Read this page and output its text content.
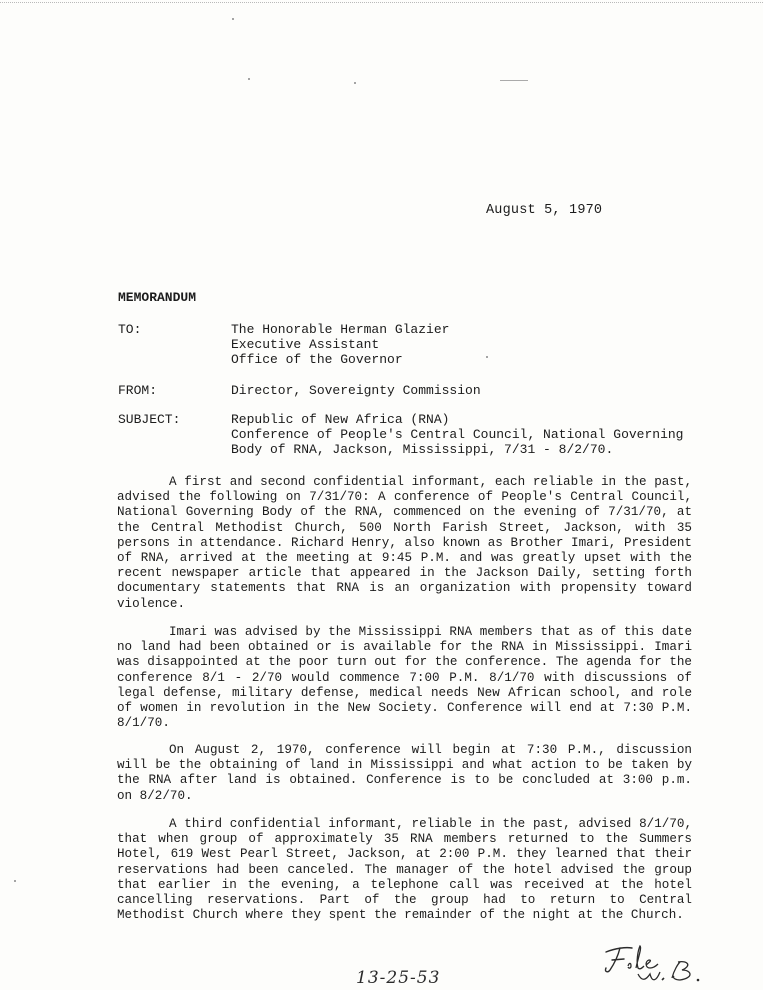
August 5, 1970
MEMORANDUM
TO:	The Honorable Herman Glazier
Executive Assistant
Office of the Governor
FROM:	Director, Sovereignty Commission
SUBJECT:	Republic of New Africa (RNA)
Conference of People's Central Council, National Governing
Body of RNA, Jackson, Mississippi, 7/31 - 8/2/70.

A first and second confidential informant, each reliable in the past, advised the following on 7/31/70: A conference of People's Central Council, National Governing Body of the RNA, commenced on the evening of 7/31/70, at the Central Methodist Church, 500 North Farish Street, Jackson, with 35 persons in attendance. Richard Henry, also known as Brother Imari, President of RNA, arrived at the meeting at 9:45 P.M. and was greatly upset with the recent newspaper article that appeared in the Jackson Daily, setting forth documentary statements that RNA is an organization with propensity toward violence.

Imari was advised by the Mississippi RNA members that as of this date no land had been obtained or is available for the RNA in Mississippi. Imari was disappointed at the poor turn out for the conference. The agenda for the conference 8/1 - 2/70 would commence 7:00 P.M. 8/1/70 with discussions of legal defense, military defense, medical needs New African school, and role of women in revolution in the New Society. Conference will end at 7:30 P.M. 8/1/70.

On August 2, 1970, conference will begin at 7:30 P.M., discussion will be the obtaining of land in Mississippi and what action to be taken by the RNA after land is obtained. Conference is to be concluded at 3:00 p.m. on 8/2/70.

A third confidential informant, reliable in the past, advised 8/1/70, that when group of approximately 35 RNA members returned to the Summers Hotel, 619 West Pearl Street, Jackson, at 2:00 P.M. they learned that their reservations had been canceled. The manager of the hotel advised the group that earlier in the evening, a telephone call was received at the hotel cancelling reservations. Part of the group had to return to Central Methodist Church where they spent the remainder of the night at the Church.

13-25-53
